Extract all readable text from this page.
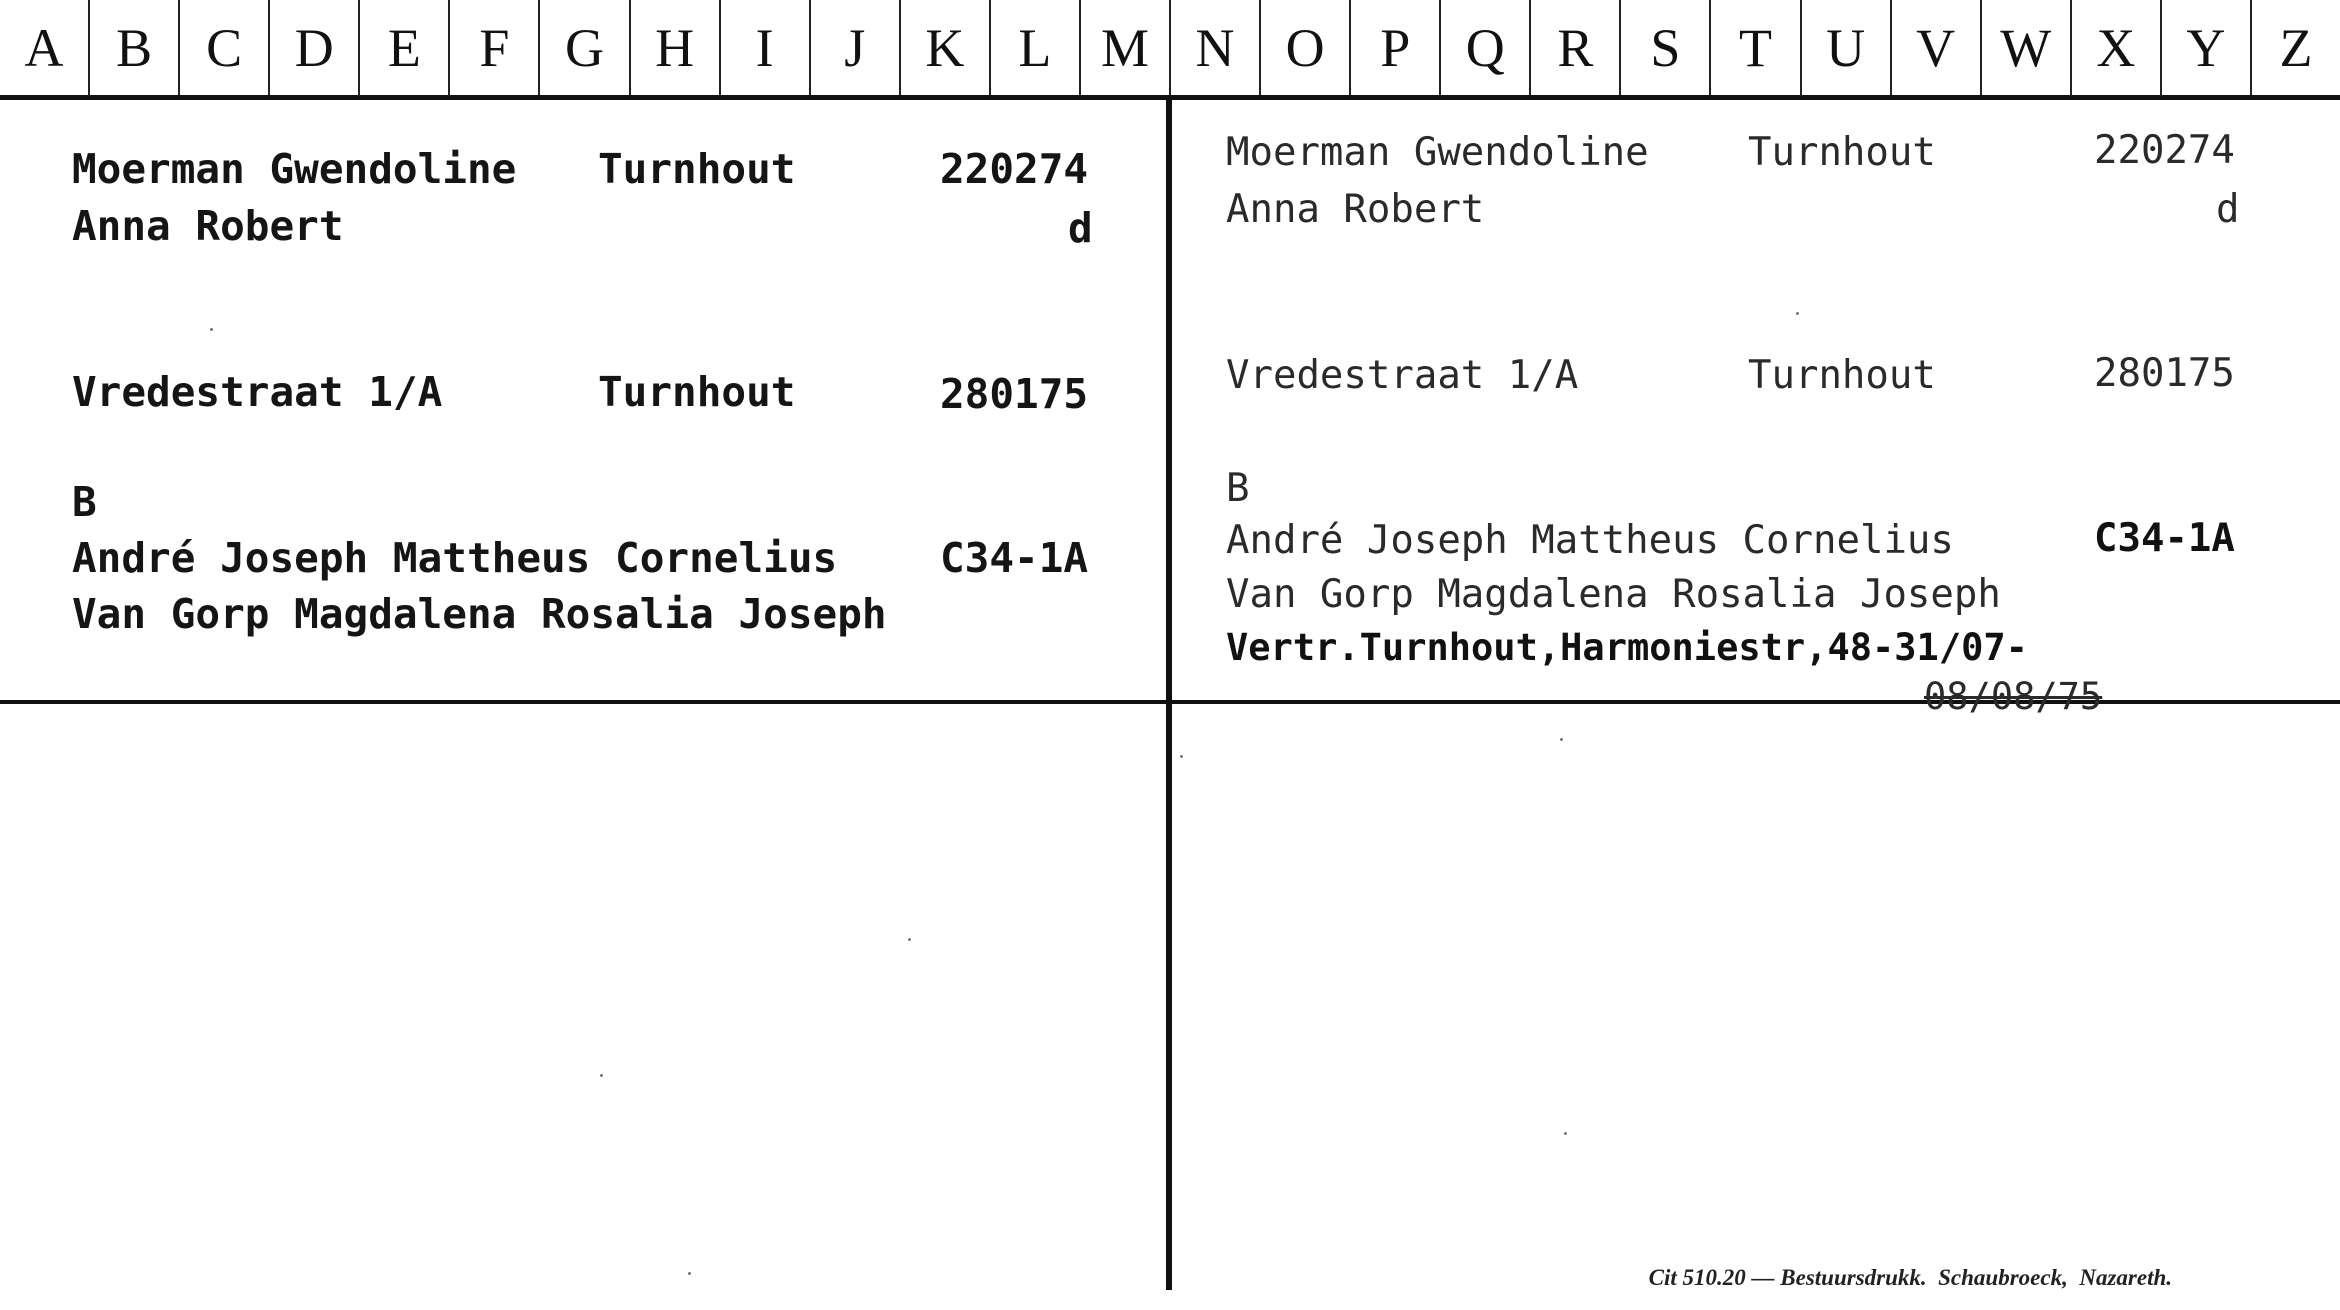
A B	C D	E	F	G H	I	J	K	L M N O	P	Q R	S	T	U V W X Y	Z
Moerman Gwendoline Turnhout	220274
Anna Robert	d
Vredestraat 1/A	Turnhout	280175
B
André Joseph Mattheus Cornelius	C34-1A
Van Gorp Magdalena Rosalia Joseph
Moerman Gwendoline	Turnhout	220274
Anna Robert	d
Vredestraat 1/A	Turnhout	280175
B
André Joseph Mattheus Cornelius	C34-1A
Van Gorp Magdalena Rosalia Joseph
Vertr.Turnhout,Harmoniestr,48-31/07-
08/08/75
Cit 510.20 — Bestuursdrukk.  Schaubroeck,  Nazareth.
